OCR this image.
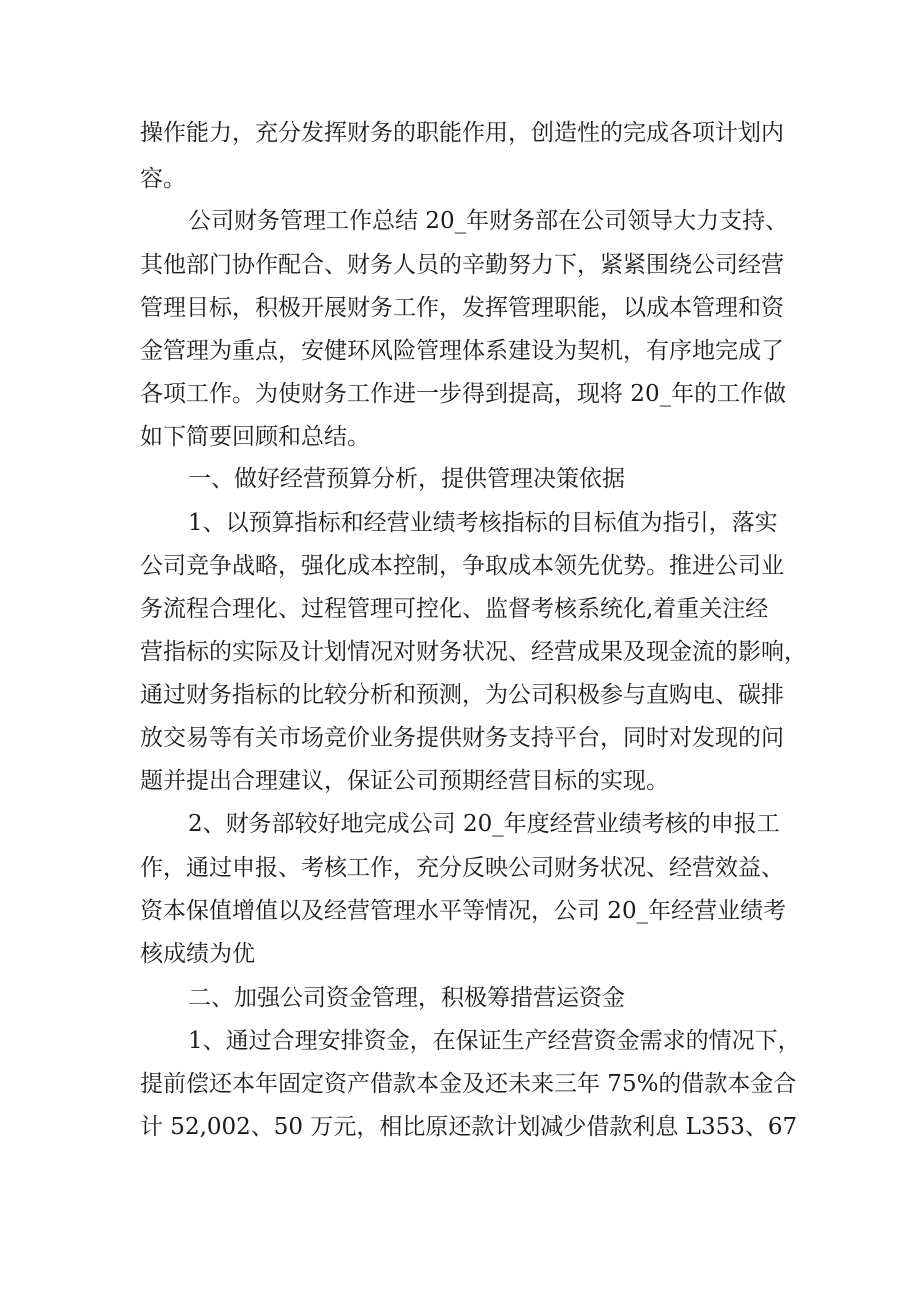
操作能力，充分发挥财务的职能作用，创造性的完成各项计划内

容。

公司财务管理工作总结 20_年财务部在公司领导大力支持、

其他部门协作配合、财务人员的辛勤努力下，紧紧围绕公司经营

管理目标，积极开展财务工作，发挥管理职能，以成本管理和资

金管理为重点，安健环风险管理体系建设为契机，有序地完成了

各项工作。为使财务工作进一步得到提高，现将 20_年的工作做

如下简要回顾和总结。

一、做好经营预算分析，提供管理决策依据

1、以预算指标和经营业绩考核指标的目标值为指引，落实

公司竞争战略，强化成本控制，争取成本领先优势。推进公司业

务流程合理化、过程管理可控化、监督考核系统化,着重关注经

营指标的实际及计划情况对财务状况、经营成果及现金流的影响，

通过财务指标的比较分析和预测，为公司积极参与直购电、碳排

放交易等有关市场竞价业务提供财务支持平台，同时对发现的问

题并提出合理建议，保证公司预期经营目标的实现。

2、财务部较好地完成公司 20_年度经营业绩考核的申报工

作，通过申报、考核工作，充分反映公司财务状况、经营效益、

资本保值增值以及经营管理水平等情况，公司 20_年经营业绩考

核成绩为优

二、加强公司资金管理，积极筹措营运资金

1、通过合理安排资金，在保证生产经营资金需求的情况下，

提前偿还本年固定资产借款本金及还未来三年 75%的借款本金合

计 52,002、50 万元，相比原还款计划减少借款利息 L353、67
